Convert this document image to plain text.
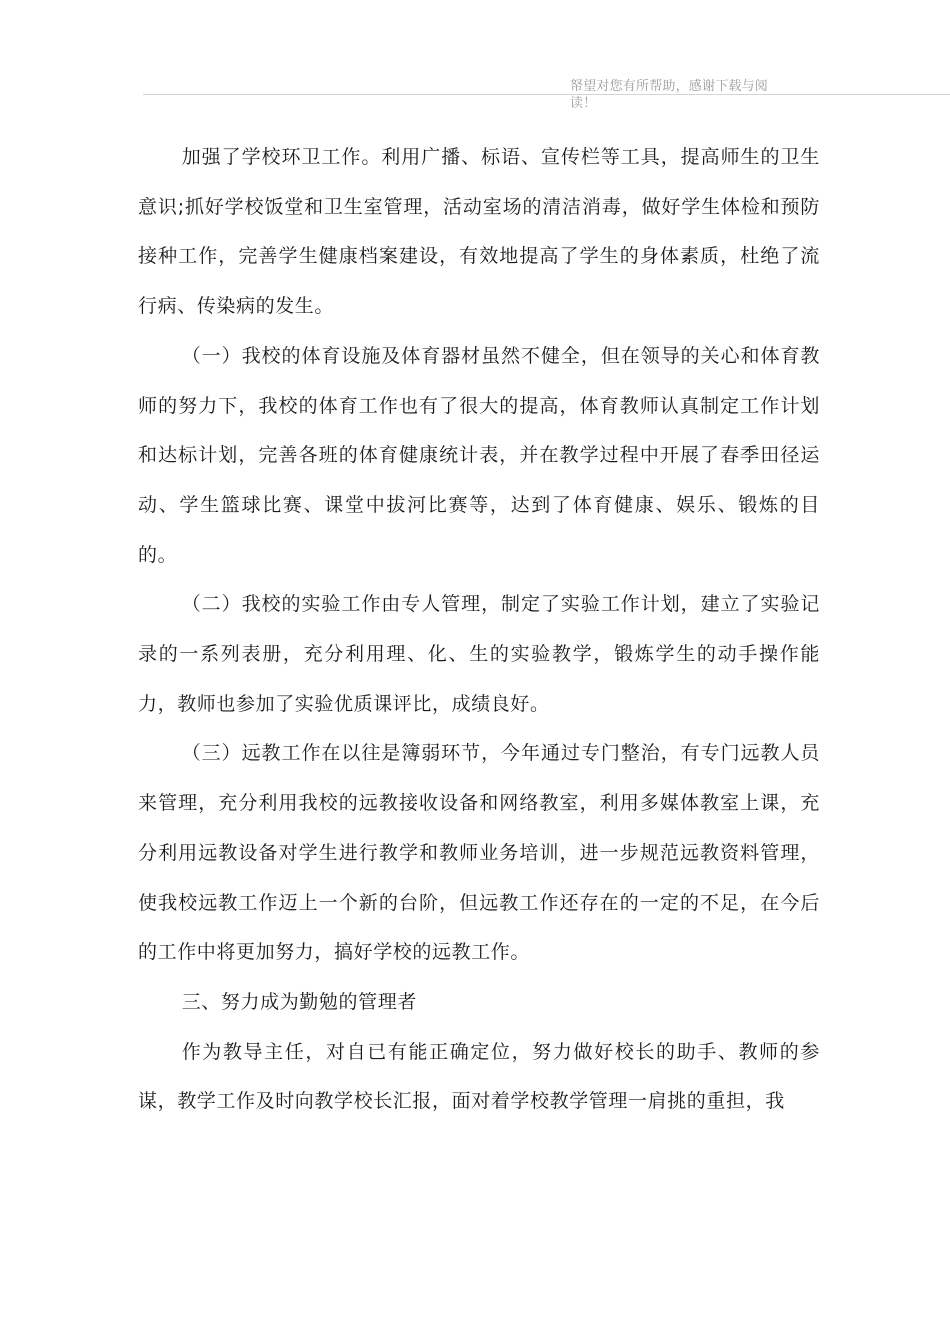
帑望对您有所帮助，感谢下载与阅
读！

加强了学校环卫工作。利用广播、标语、宣传栏等工具，提高师生的卫生意识;抓好学校饭堂和卫生室管理，活动室场的清洁消毒，做好学生体检和预防接种工作，完善学生健康档案建设，有效地提高了学生的身体素质，杜绝了流行病、传染病的发生。

（一）我校的体育设施及体育器材虽然不健全，但在领导的关心和体育教师的努力下，我校的体育工作也有了很大的提高，体育教师认真制定工作计划和达标计划，完善各班的体育健康统计表，并在教学过程中开展了春季田径运动、学生篮球比赛、课堂中拔河比赛等，达到了体育健康、娱乐、锻炼的目的。

（二）我校的实验工作由专人管理，制定了实验工作计划，建立了实验记录的一系列表册，充分利用理、化、生的实验教学，锻炼学生的动手操作能力，教师也参加了实验优质课评比，成绩良好。

（三）远教工作在以往是簿弱环节，今年通过专门整治，有专门远教人员来管理，充分利用我校的远教接收设备和网络教室，利用多媒体教室上课，充分利用远教设备对学生进行教学和教师业务培训，进一步规范远教资料管理，使我校远教工作迈上一个新的台阶，但远教工作还存在的一定的不足，在今后的工作中将更加努力，搞好学校的远教工作。

三、努力成为勤勉的管理者

作为教导主任，对自已有能正确定位，努力做好校长的助手、教师的参谋，教学工作及时向教学校长汇报，面对着学校教学管理一肩挑的重担，我
